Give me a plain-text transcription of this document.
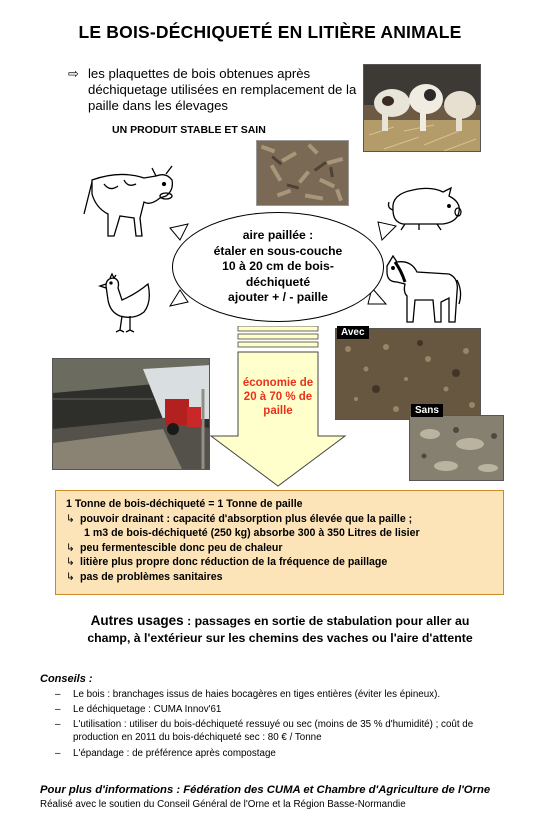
LE BOIS-DÉCHIQUETÉ EN LITIÈRE ANIMALE
⇨ les plaquettes de bois obtenues après déchiquetage utilisées en remplacement de la paille dans les élevages
UN PRODUIT STABLE ET SAIN
aire paillée :
étaler en sous-couche
10 à 20 cm de bois-déchiqueté
ajouter + / - paille
économie de 20 à 70 % de paille
Avec
Sans
1 Tonne de bois-déchiqueté = 1 Tonne de paille
↳ pouvoir drainant : capacité d'absorption plus élevée que la paille ;
1 m3 de bois-déchiqueté (250 kg) absorbe 300 à 350 Litres de lisier
↳ peu fermentescible donc peu de chaleur
↳ litière plus propre donc réduction de la fréquence de paillage
↳ pas de problèmes sanitaires
Autres usages : passages en sortie de stabulation pour aller au champ, à l'extérieur sur les chemins des vaches ou l'aire d'attente
Conseils :
– Le bois : branchages issus de haies bocagères en tiges entières (éviter les épineux).
– Le déchiquetage : CUMA Innov'61
– L'utilisation : utiliser du bois-déchiqueté ressuyé ou sec (moins de 35 % d'humidité) ; coût de production en 2011 du bois-déchiqueté sec : 80 € / Tonne
– L'épandage : de préférence après compostage
Pour plus d'informations : Fédération des CUMA et Chambre d'Agriculture de l'Orne
Réalisé avec le soutien du Conseil Général de l'Orne et la Région Basse-Normandie
